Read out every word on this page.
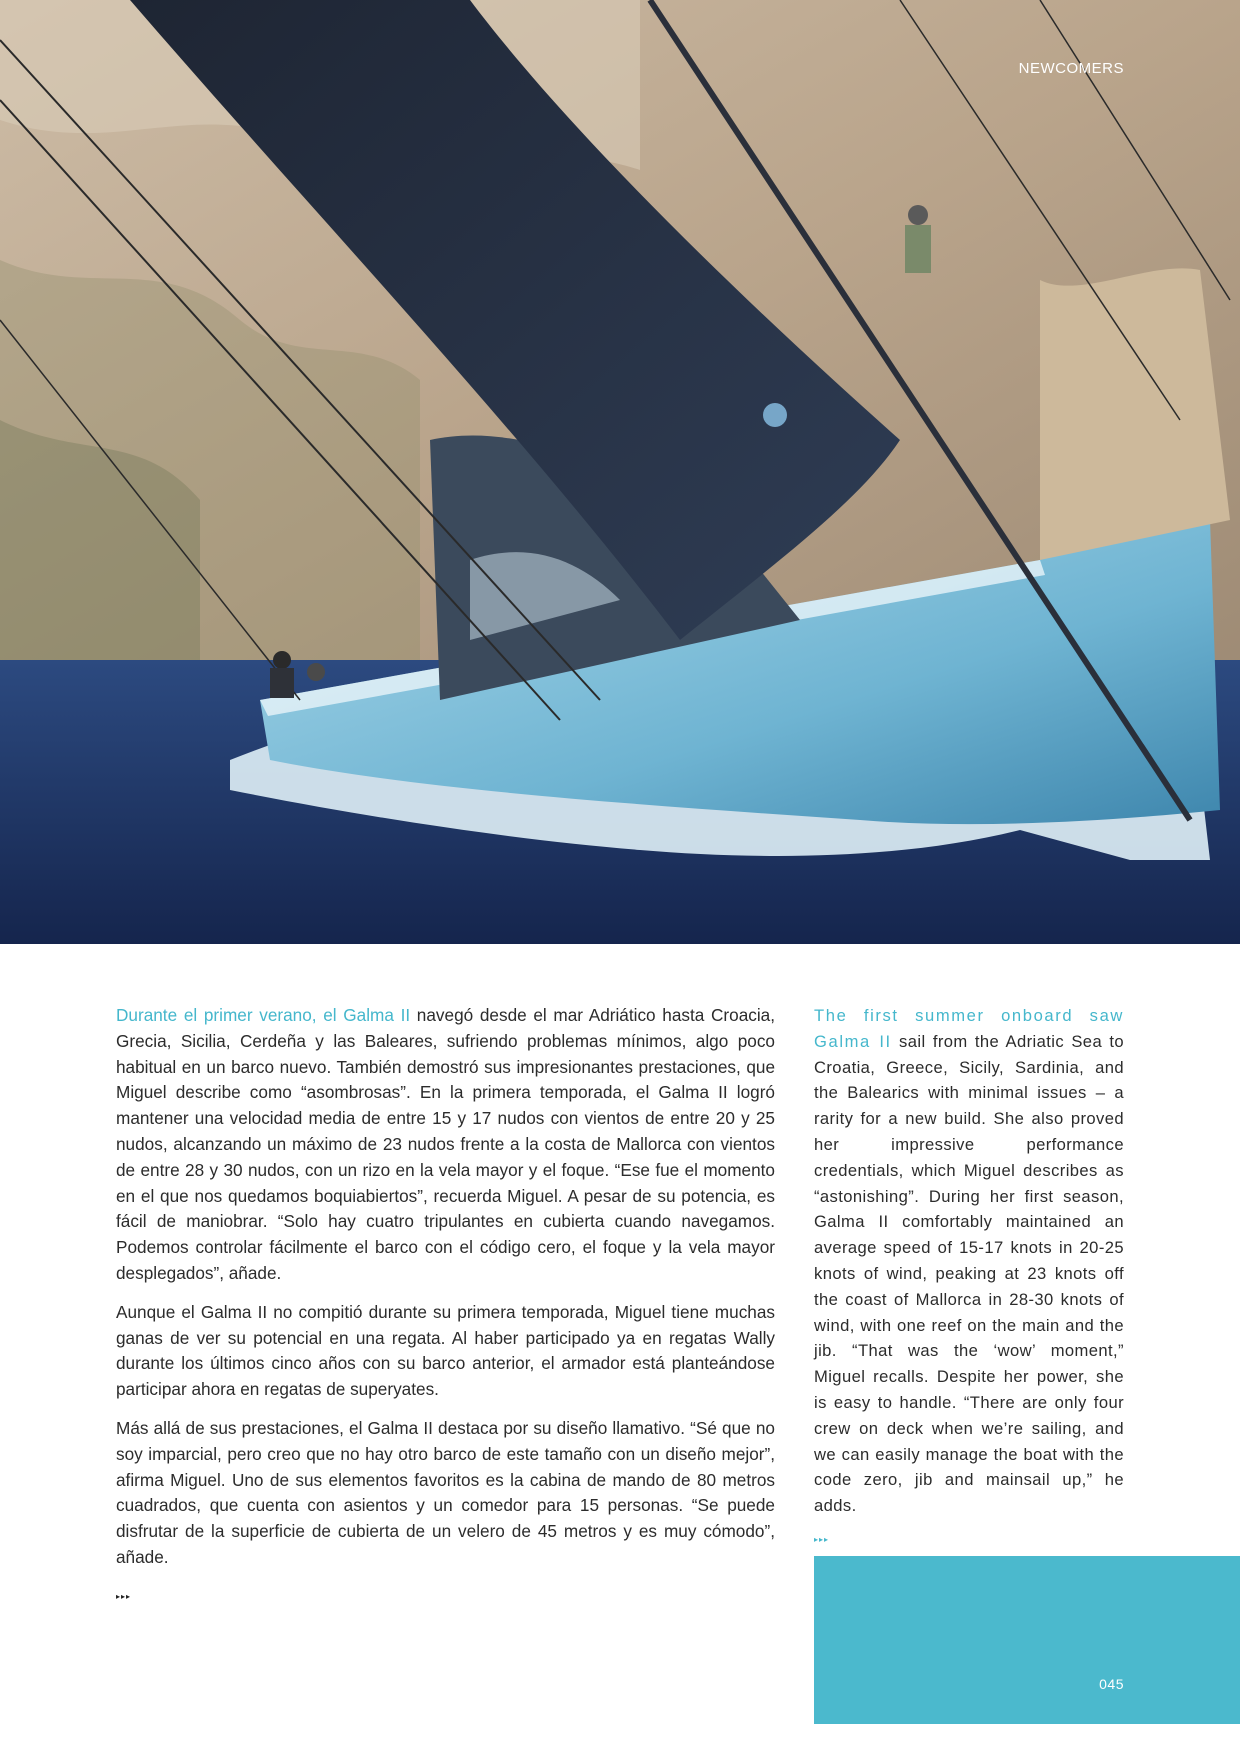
NEWCOMERS

Durante el primer verano, el Galma II navegó desde el mar Adriático hasta Croacia, Grecia, Sicilia, Cerdeña y las Baleares, sufriendo problemas mínimos, algo poco habitual en un barco nuevo. También demostró sus impresionantes prestaciones, que Miguel describe como “asombrosas”. En la primera temporada, el Galma II logró mantener una velocidad media de entre 15 y 17 nudos con vientos de entre 20 y 25 nudos, alcanzando un máximo de 23 nudos frente a la costa de Mallorca con vientos de entre 28 y 30 nudos, con un rizo en la vela mayor y el foque. “Ese fue el momento en el que nos quedamos boquiabiertos”, recuerda Miguel. A pesar de su potencia, es fácil de maniobrar. “Solo hay cuatro tripulantes en cubierta cuando navegamos. Podemos controlar fácilmente el barco con el código cero, el foque y la vela mayor desplegados”, añade.

Aunque el Galma II no compitió durante su primera temporada, Miguel tiene muchas ganas de ver su potencial en una regata. Al haber participado ya en regatas Wally durante los últimos cinco años con su barco anterior, el armador está planteándose participar ahora en regatas de superyates.

Más allá de sus prestaciones, el Galma II destaca por su diseño llamativo. “Sé que no soy imparcial, pero creo que no hay otro barco de este tamaño con un diseño mejor”, afirma Miguel. Uno de sus elementos favoritos es la cabina de mando de 80 metros cuadrados, que cuenta con asientos y un comedor para 15 personas. “Se puede disfrutar de la superficie de cubierta de un velero de 45 metros y es muy cómodo”, añade.

▸▸▸

The first summer onboard saw Galma II sail from the Adriatic Sea to Croatia, Greece, Sicily, Sardinia, and the Balearics with minimal issues – a rarity for a new build. She also proved her impressive performance credentials, which Miguel describes as “astonishing”. During her first season, Galma II comfortably maintained an average speed of 15-17 knots in 20-25 knots of wind, peaking at 23 knots off the coast of Mallorca in 28-30 knots of wind, with one reef on the main and the jib. “That was the ‘wow’ moment,” Miguel recalls. Despite her power, she is easy to handle. “There are only four crew on deck when we’re sailing, and we can easily manage the boat with the code zero, jib and mainsail up,” he adds.

▸▸▸
045
